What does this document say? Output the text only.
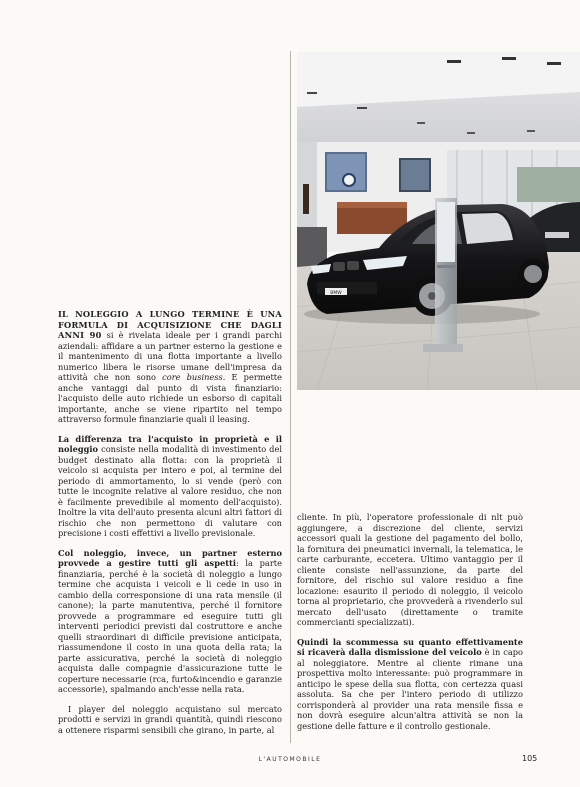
BMW

IL NOLEGGIO A LUNGO TERMINE È UNA FORMULA DI ACQUISIZIONE CHE DAGLI ANNI 90 si è rivelata ideale per i grandi parchi aziendali: affidare a un partner esterno la gestione e il mantenimento di una flotta importante a livello numerico libera le risorse umane dell'impresa da attività che non sono core business. E permette anche vantaggi dal punto di vista finanziario: l'acquisto delle auto richiede un esborso di capitali importante, anche se viene ripartito nel tempo attraverso formule finanziarie quali il leasing.

La differenza tra l'acquisto in proprietà e il noleggio consiste nella modalità di investimento del budget destinato alla flotta: con la proprietà il veicolo si acquista per intero e poi, al termine del periodo di ammortamento, lo si vende (però con tutte le incognite relative al valore residuo, che non è facilmente prevedibile al momento dell'acquisto). Inoltre la vita dell'auto presenta alcuni altri fattori di rischio che non permettono di valutare con precisione i costi effettivi a livello previsionale.

Col noleggio, invece, un partner esterno provvede a gestire tutti gli aspetti: la parte finanziaria, perché è la società di noleggio a lungo termine che acquista i veicoli e li cede in uso in cambio della corresponsione di una rata mensile (il canone); la parte manutentiva, perché il fornitore provvede a programmare ed eseguire tutti gli interventi periodici previsti dal costruttore e anche quelli straordinari di difficile previsione anticipata, riassumendone il costo in una quota della rata; la parte assicurativa, perché la società di noleggio acquista dalle compagnie d'assicurazione tutte le coperture necessarie (rca, furto&incendio e garanzie accessorie), spalmando anch'esse nella rata.

I player del noleggio acquistano sul mercato prodotti e servizi in grandi quantità, quindi riescono a ottenere risparmi sensibili che girano, in parte, al

cliente. In più, l'operatore professionale di nlt può aggiungere, a discrezione del cliente, servizi accessori quali la gestione del pagamento del bollo, la fornitura dei pneumatici invernali, la telematica, le carte carburante, eccetera. Ultimo vantaggio per il cliente consiste nell'assunzione, da parte del fornitore, del rischio sul valore residuo a fine locazione: esaurito il periodo di noleggio, il veicolo torna al proprietario, che provvederà a rivenderlo sul mercato dell'usato (direttamente o tramite commercianti specializzati).

Quindi la scommessa su quanto effettivamente si ricaverà dalla dismissione del veicolo è in capo al noleggiatore. Mentre al cliente rimane una prospettiva molto interessante: può programmare in anticipo le spese della sua flotta, con certezza quasi assoluta. Sa che per l'intero periodo di utilizzo corrisponderà al provider una rata mensile fissa e non dovrà eseguire alcun'altra attività se non la gestione delle fatture e il controllo gestionale.

L'AUTOMOBILE	105
